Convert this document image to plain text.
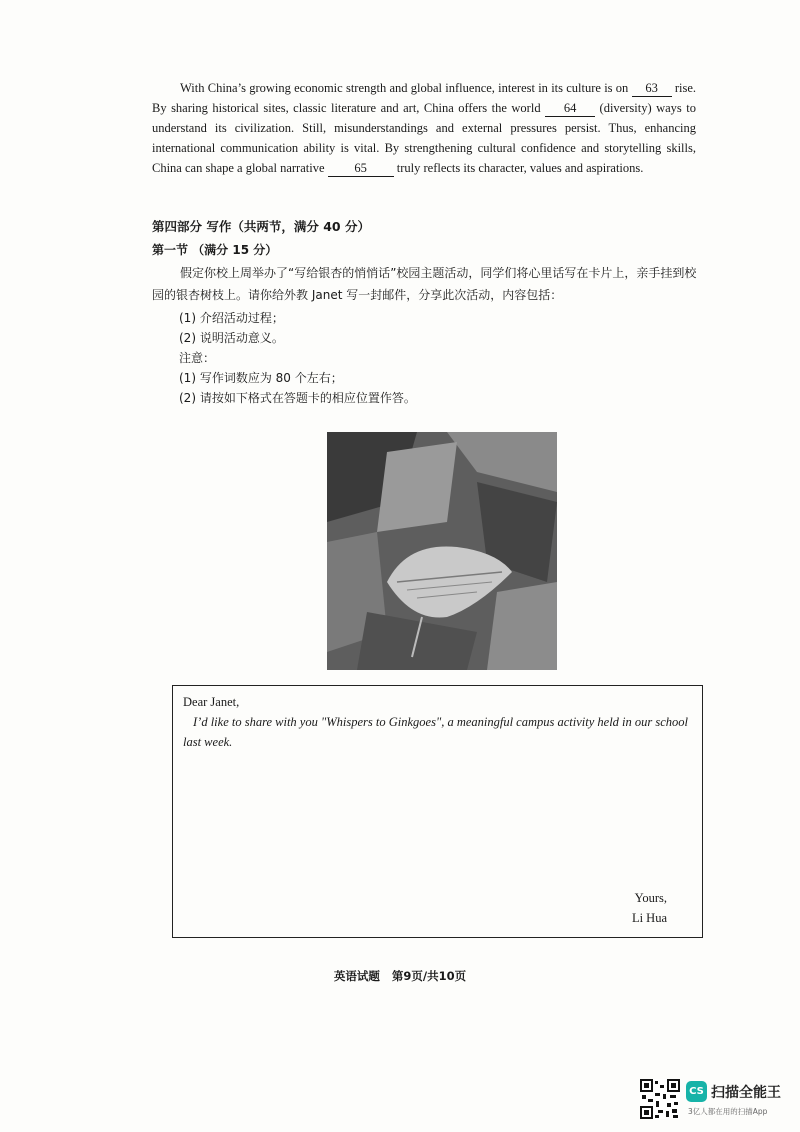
With China’s growing economic strength and global influence, interest in its culture is on 63 rise. By sharing historical sites, classic literature and art, China offers the world 64 (diversity) ways to understand its civilization. Still, misunderstandings and external pressures persist. Thus, enhancing international communication ability is vital. By strengthening cultural confidence and storytelling skills, China can shape a global narrative 65 truly reflects its character, values and aspirations.
第四部分 写作（共两节，满分 40 分）
第一节 （满分 15 分）
假定你校上周举办了“写给银杏的悄悄话”校园主题活动，同学们将心里话写在卡片上，亲手挂到校园的银杏树枝上。请你给外教 Janet 写一封邮件，分享此次活动，内容包括：
(1) 介绍活动过程；
(2) 说明活动意义。
注意：
(1) 写作词数应为 80 个左右；
(2) 请按如下格式在答题卡的相应位置作答。
Dear Janet,
I’d like to share with you "Whispers to Ginkgoes", a meaningful campus activity held in our school last week.
Yours,
Li Hua
英语试题 第9页/共10页
CS 扫描全能王
3亿人都在用的扫描App
